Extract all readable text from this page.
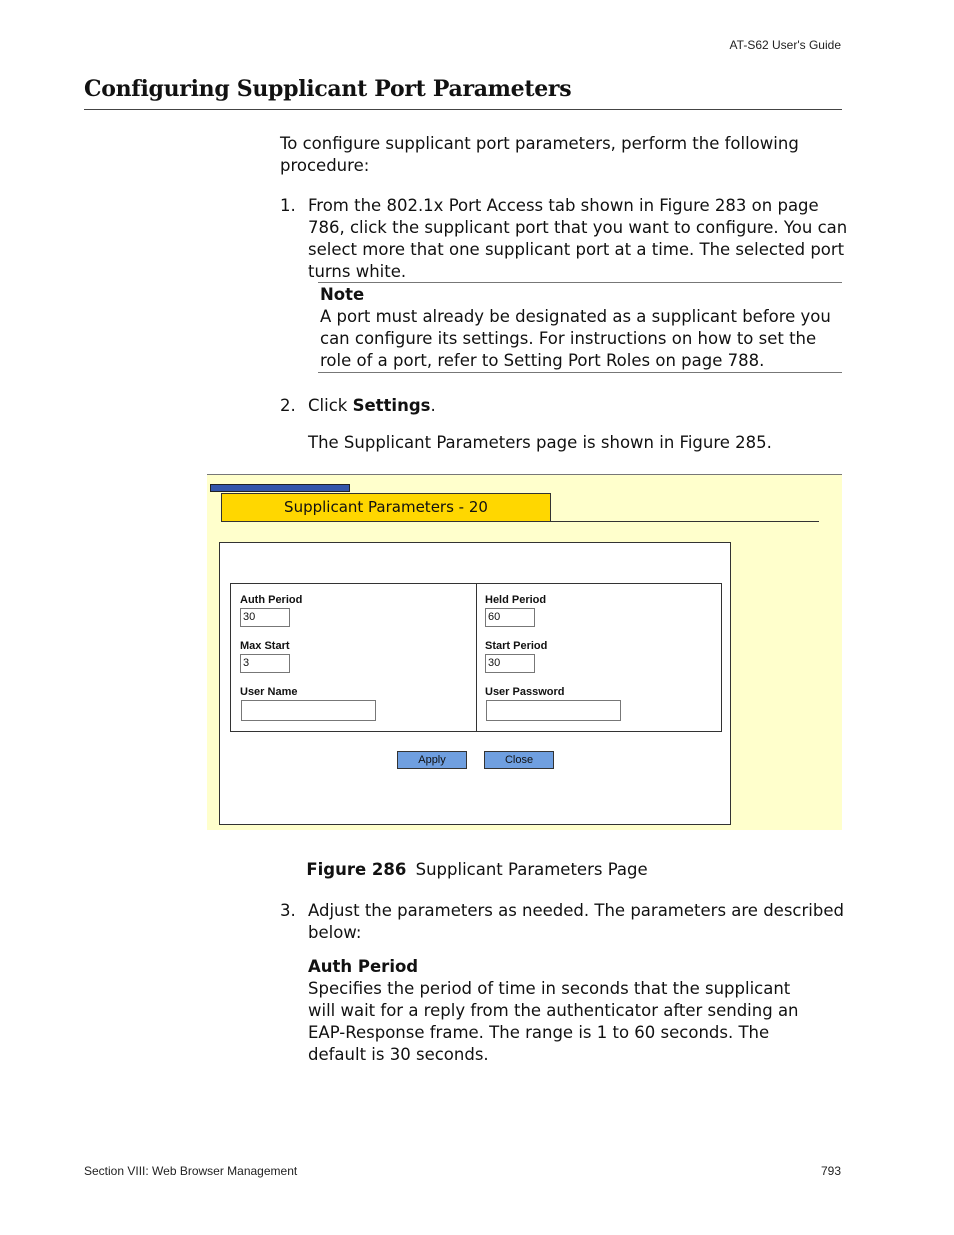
AT-S62 User's Guide
Configuring Supplicant Port Parameters
To configure supplicant port parameters, perform the following procedure:
1. From the 802.1x Port Access tab shown in Figure 283 on page 786, click the supplicant port that you want to configure. You can select more that one supplicant port at a time. The selected port turns white.
Note
A port must already be designated as a supplicant before you can configure its settings. For instructions on how to set the role of a port, refer to Setting Port Roles on page 788.
2. Click Settings.
The Supplicant Parameters page is shown in Figure 285.
Supplicant Parameters - 20
Auth Period
30
Max Start
3
User Name
Held Period
60
Start Period
30
User Password
Apply	Close
Figure 286 Supplicant Parameters Page
3. Adjust the parameters as needed. The parameters are described below:
Auth Period
Specifies the period of time in seconds that the supplicant will wait for a reply from the authenticator after sending an EAP-Response frame. The range is 1 to 60 seconds. The default is 30 seconds.
Section VIII: Web Browser Management	793
